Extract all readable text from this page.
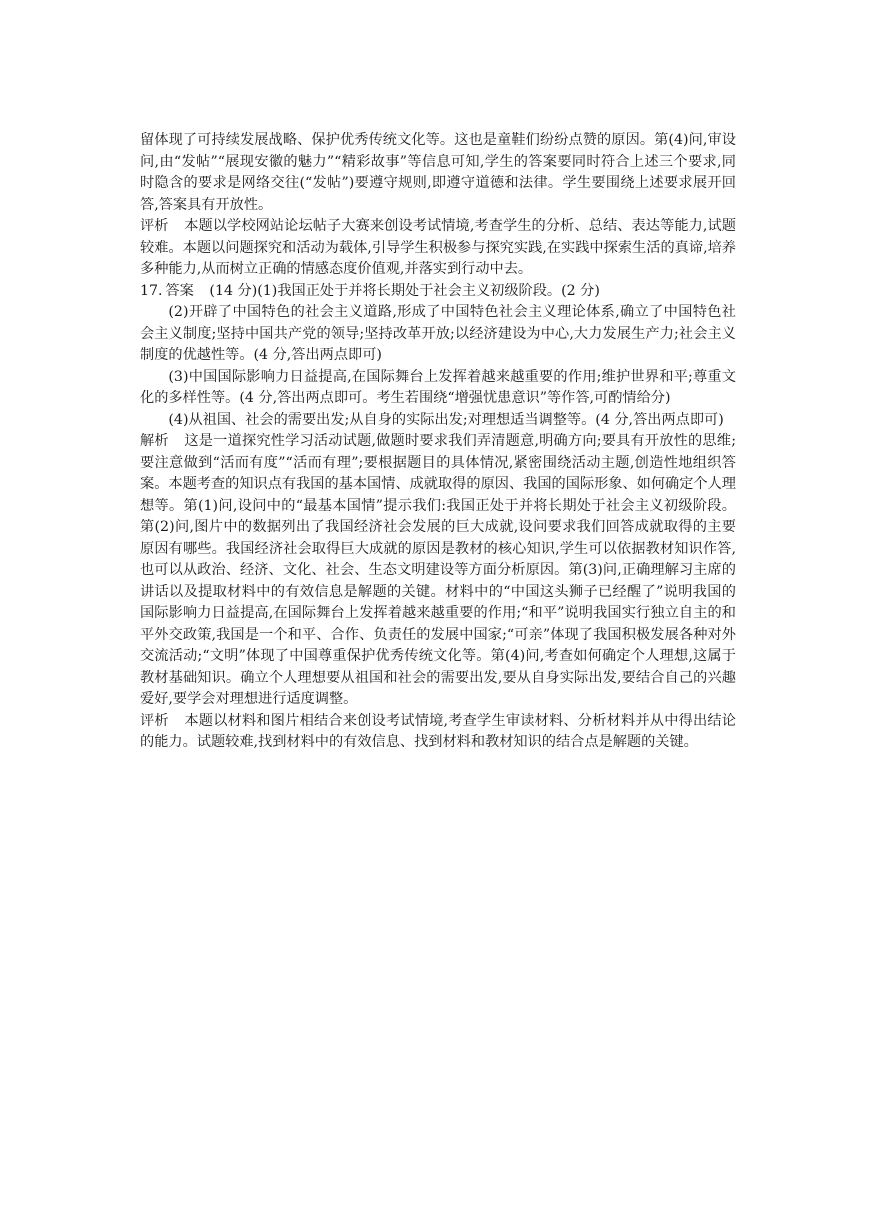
留体现了可持续发展战略、保护优秀传统文化等。这也是童鞋们纷纷点赞的原因。第(4)问,审设问,由“发帖”“展现安徽的魅力”“精彩故事”等信息可知,学生的答案要同时符合上述三个要求,同时隐含的要求是网络交往(“发帖”)要遵守规则,即遵守道德和法律。学生要围绕上述要求展开回答,答案具有开放性。

评析 本题以学校网站论坛帖子大赛来创设考试情境,考查学生的分析、总结、表达等能力,试题较难。本题以问题探究和活动为载体,引导学生积极参与探究实践,在实践中探索生活的真谛,培养多种能力,从而树立正确的情感态度价值观,并落实到行动中去。

17. 答案 (14 分)(1)我国正处于并将长期处于社会主义初级阶段。(2 分)

(2)开辟了中国特色的社会主义道路,形成了中国特色社会主义理论体系,确立了中国特色社会主义制度;坚持中国共产党的领导;坚持改革开放;以经济建设为中心,大力发展生产力;社会主义制度的优越性等。(4 分,答出两点即可)

(3)中国国际影响力日益提高,在国际舞台上发挥着越来越重要的作用;维护世界和平;尊重文化的多样性等。(4 分,答出两点即可。考生若围绕“增强忧患意识”等作答,可酌情给分)

(4)从祖国、社会的需要出发;从自身的实际出发;对理想适当调整等。(4 分,答出两点即可)

解析 这是一道探究性学习活动试题,做题时要求我们弄清题意,明确方向;要具有开放性的思维;要注意做到“活而有度”“活而有理”;要根据题目的具体情况,紧密围绕活动主题,创造性地组织答案。本题考查的知识点有我国的基本国情、成就取得的原因、我国的国际形象、如何确定个人理想等。第(1)问,设问中的“最基本国情”提示我们:我国正处于并将长期处于社会主义初级阶段。第(2)问,图片中的数据列出了我国经济社会发展的巨大成就,设问要求我们回答成就取得的主要原因有哪些。我国经济社会取得巨大成就的原因是教材的核心知识,学生可以依据教材知识作答,也可以从政治、经济、文化、社会、生态文明建设等方面分析原因。第(3)问,正确理解习主席的讲话以及提取材料中的有效信息是解题的关键。材料中的“中国这头狮子已经醒了”说明我国的国际影响力日益提高,在国际舞台上发挥着越来越重要的作用;“和平”说明我国实行独立自主的和平外交政策,我国是一个和平、合作、负责任的发展中国家;“可亲”体现了我国积极发展各种对外交流活动;“文明”体现了中国尊重保护优秀传统文化等。第(4)问,考查如何确定个人理想,这属于教材基础知识。确立个人理想要从祖国和社会的需要出发,要从自身实际出发,要结合自己的兴趣爱好,要学会对理想进行适度调整。

评析 本题以材料和图片相结合来创设考试情境,考查学生审读材料、分析材料并从中得出结论的能力。试题较难,找到材料中的有效信息、找到材料和教材知识的结合点是解题的关键。
